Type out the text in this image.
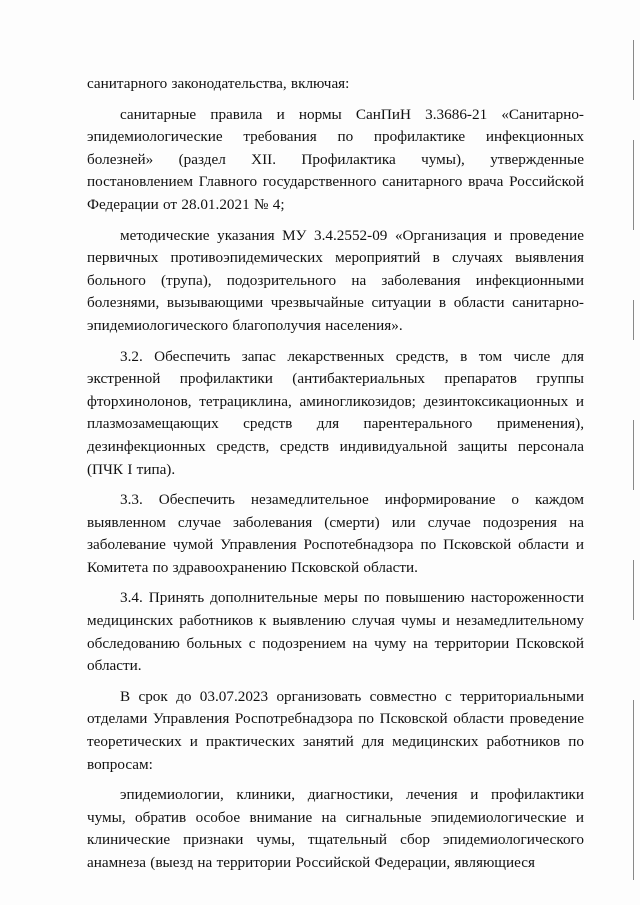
санитарного законодательства, включая:

санитарные правила и нормы СанПиН 3.3686-21 «Санитарно-эпидемиологические требования по профилактике инфекционных болезней» (раздел XII. Профилактика чумы), утвержденные постановлением Главного государственного санитарного врача Российской Федерации от 28.01.2021 № 4;

методические указания МУ 3.4.2552-09 «Организация и проведение первичных противоэпидемических мероприятий в случаях выявления больного (трупа), подозрительного на заболевания инфекционными болезнями, вызывающими чрезвычайные ситуации в области санитарно-эпидемиологического благополучия населения».

3.2. Обеспечить запас лекарственных средств, в том числе для экстренной профилактики (антибактериальных препаратов группы фторхинолонов, тетрациклина, аминогликозидов; дезинтоксикационных и плазмозамещающих средств для парентерального применения), дезинфекционных средств, средств индивидуальной защиты персонала (ПЧК I типа).

3.3. Обеспечить незамедлительное информирование о каждом выявленном случае заболевания (смерти) или случае подозрения на заболевание чумой Управления Роспотебнадзора по Псковской области и Комитета по здравоохранению Псковской области.

3.4. Принять дополнительные меры по повышению настороженности медицинских работников к выявлению случая чумы и незамедлительному обследованию больных с подозрением на чуму на территории Псковской области.

В срок до 03.07.2023 организовать совместно с территориальными отделами Управления Роспотребнадзора по Псковской области проведение теоретических и практических занятий для медицинских работников по вопросам:

эпидемиологии, клиники, диагностики, лечения и профилактики чумы, обратив особое внимание на сигнальные эпидемиологические и клинические признаки чумы, тщательный сбор эпидемиологического анамнеза (выезд на территории Российской Федерации, являющиеся
